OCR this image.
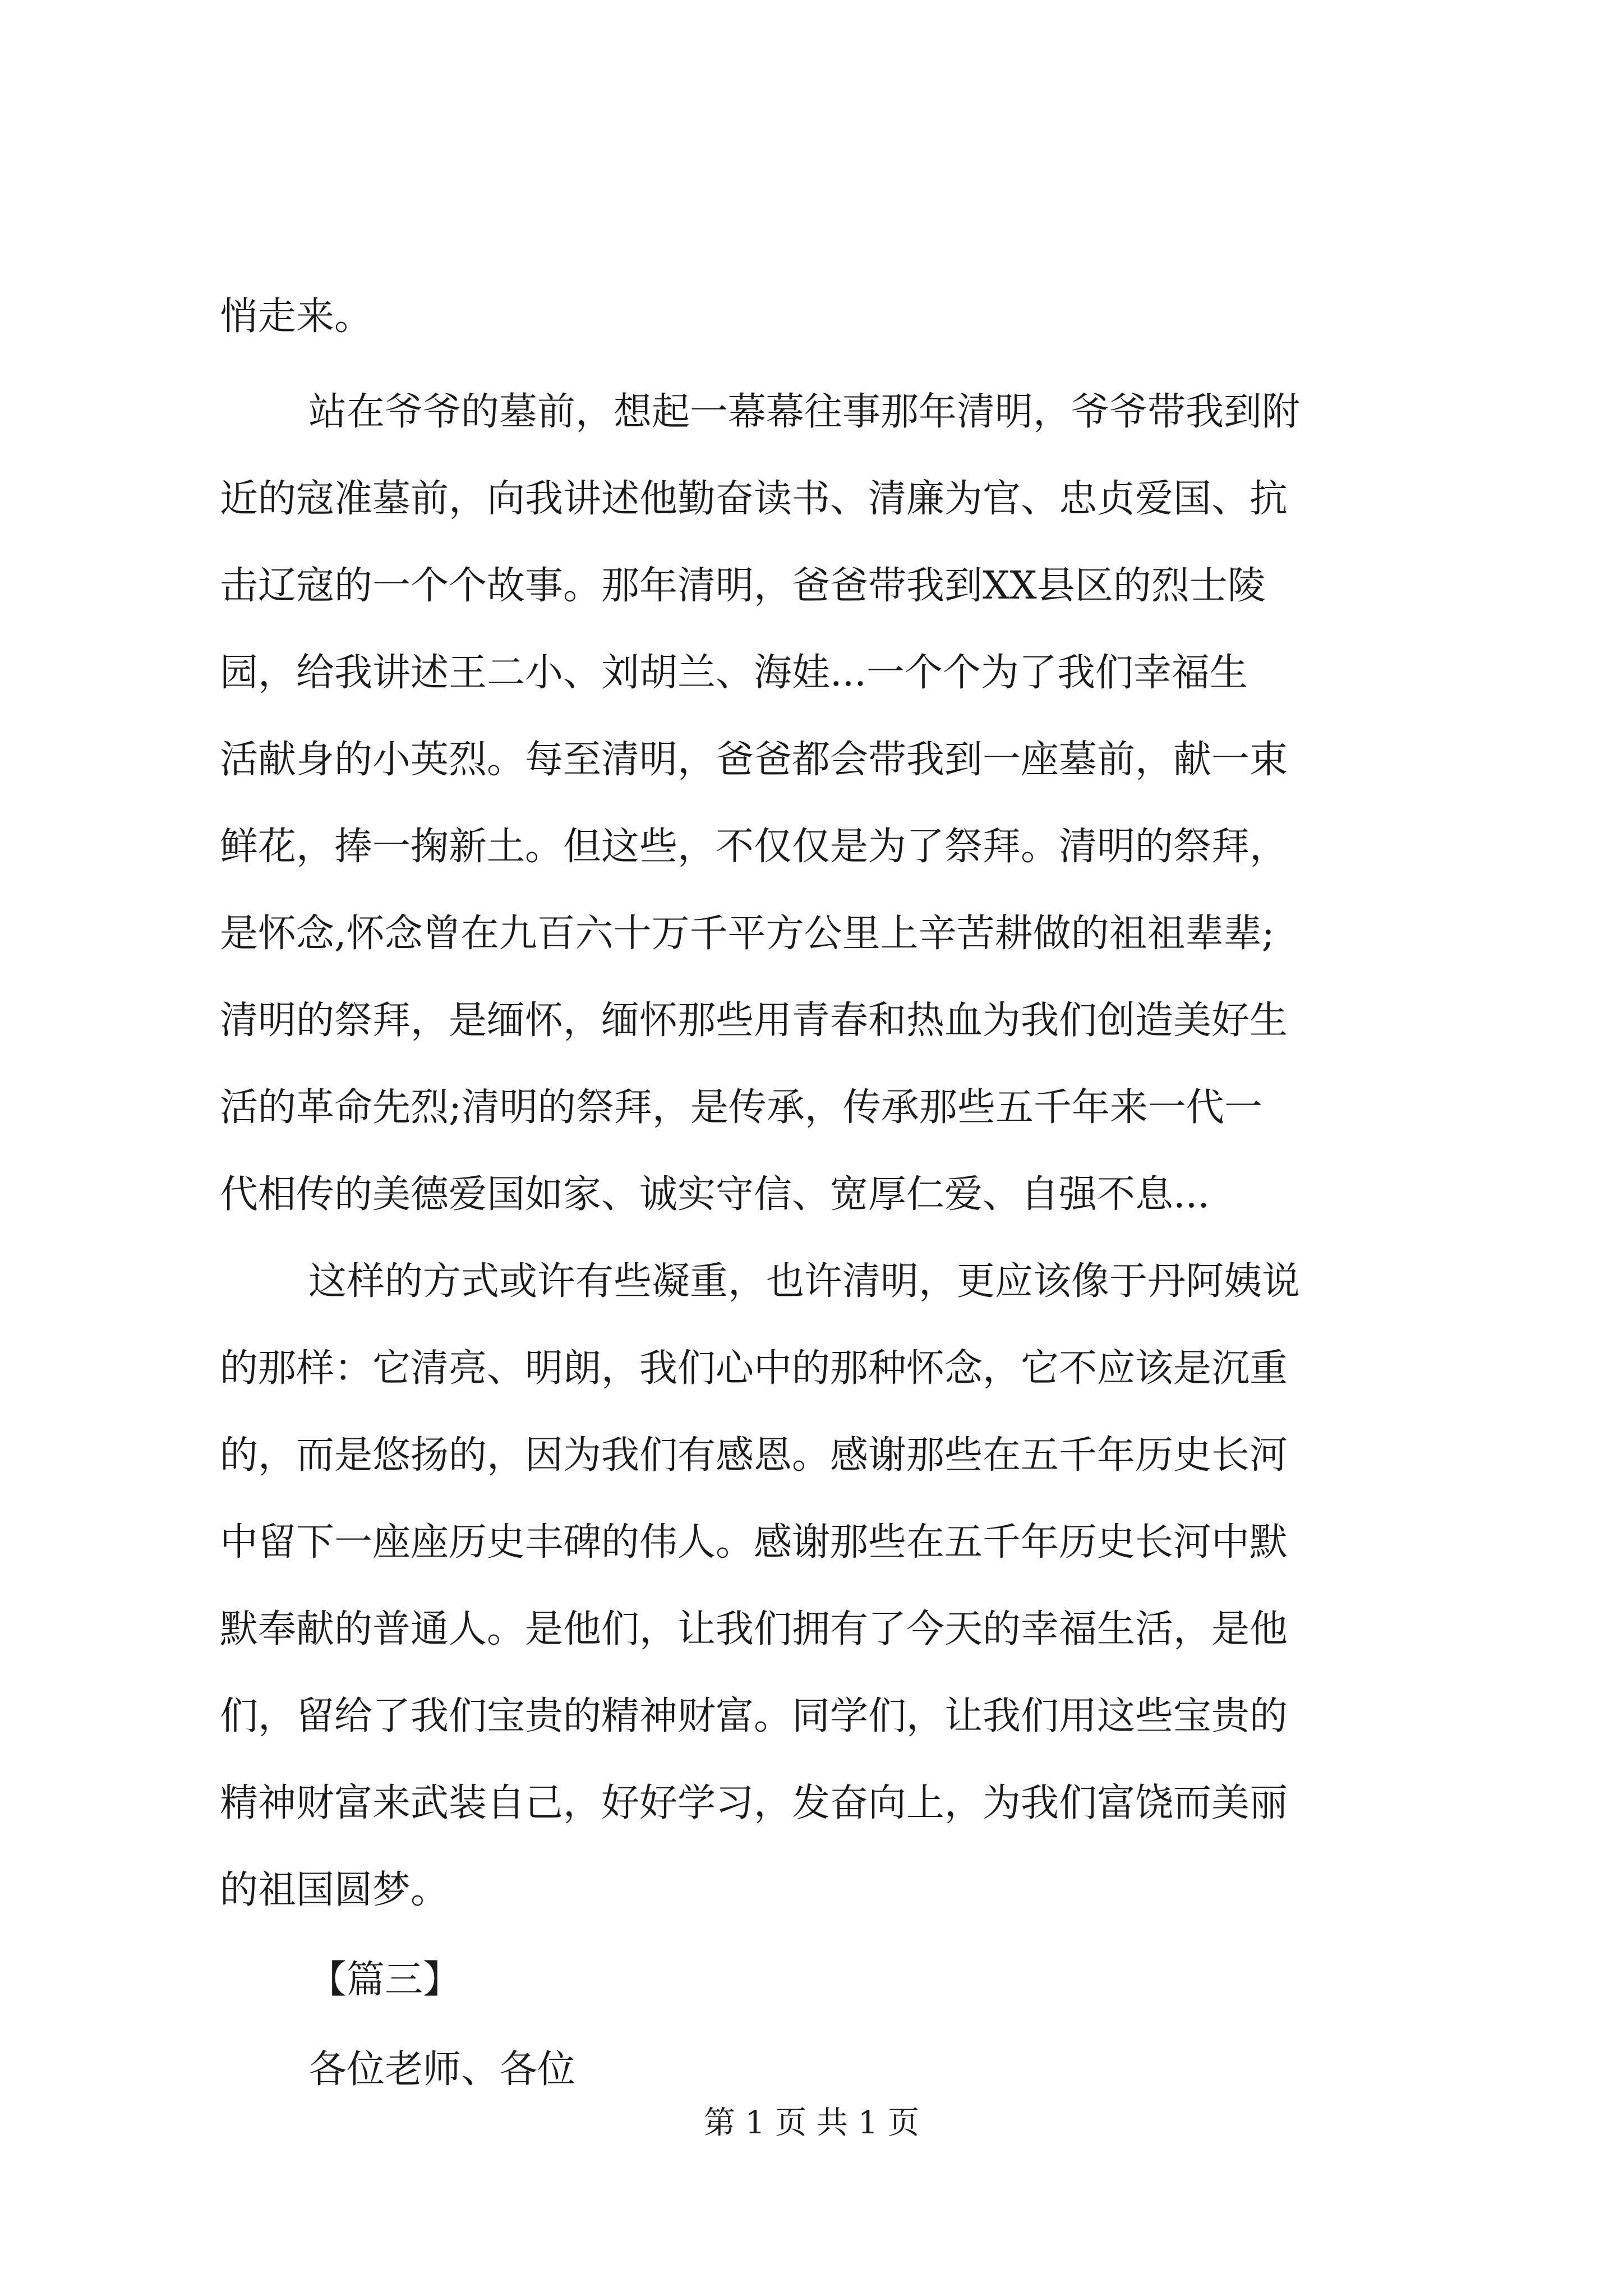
悄走来。
站在爷爷的墓前，想起一幕幕往事那年清明，爷爷带我到附
近的寇准墓前，向我讲述他勤奋读书、清廉为官、忠贞爱国、抗
击辽寇的一个个故事。那年清明，爸爸带我到XX县区的烈士陵
园，给我讲述王二小、刘胡兰、海娃...一个个为了我们幸福生
活献身的小英烈。每至清明，爸爸都会带我到一座墓前，献一束
鲜花，捧一掬新土。但这些，不仅仅是为了祭拜。清明的祭拜，
是怀念,怀念曾在九百六十万千平方公里上辛苦耕做的祖祖辈辈;
清明的祭拜，是缅怀，缅怀那些用青春和热血为我们创造美好生
活的革命先烈;清明的祭拜，是传承，传承那些五千年来一代一
代相传的美德爱国如家、诚实守信、宽厚仁爱、自强不息...
这样的方式或许有些凝重，也许清明，更应该像于丹阿姨说
的那样：它清亮、明朗，我们心中的那种怀念，它不应该是沉重
的，而是悠扬的，因为我们有感恩。感谢那些在五千年历史长河
中留下一座座历史丰碑的伟人。感谢那些在五千年历史长河中默
默奉献的普通人。是他们，让我们拥有了今天的幸福生活，是他
们，留给了我们宝贵的精神财富。同学们，让我们用这些宝贵的
精神财富来武装自己，好好学习，发奋向上，为我们富饶而美丽
的祖国圆梦。
【篇三】
各位老师、各位
第 1 页 共 1 页
